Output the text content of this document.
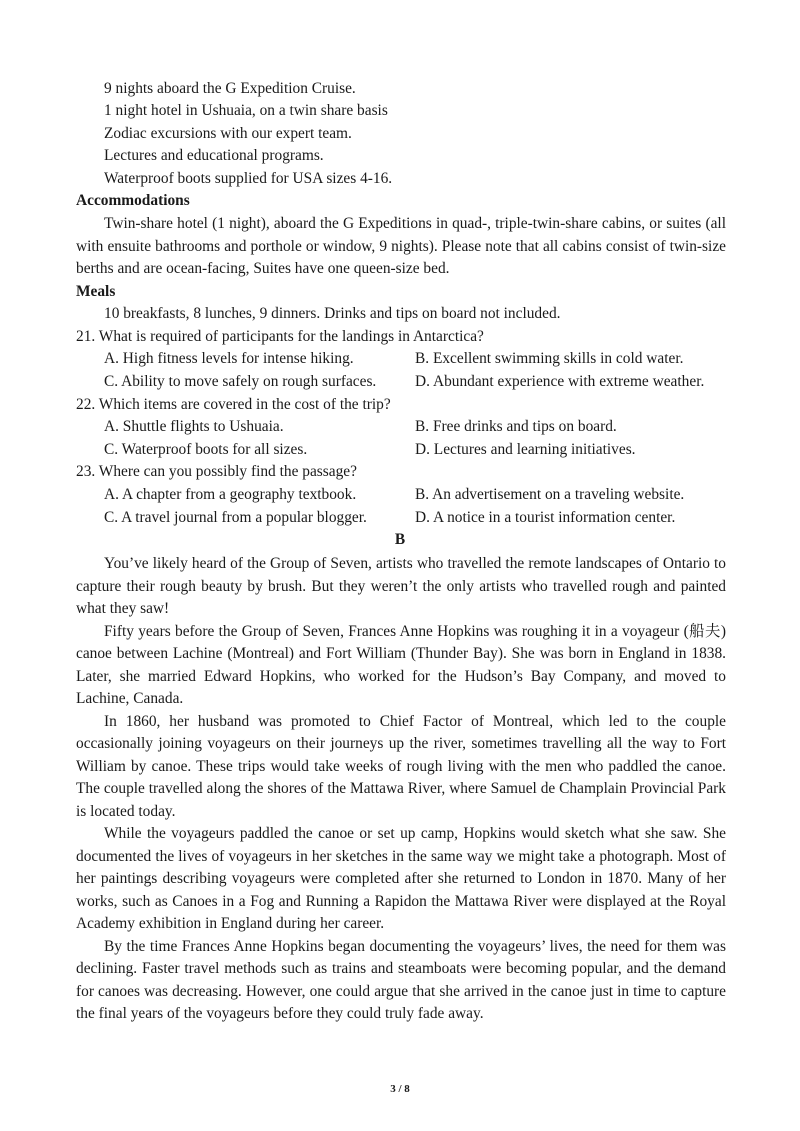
9 nights aboard the G Expedition Cruise.
1 night hotel in Ushuaia, on a twin share basis
Zodiac excursions with our expert team.
Lectures and educational programs.
Waterproof boots supplied for USA sizes 4-16.
Accommodations

Twin-share hotel (1 night), aboard the G Expeditions in quad-, triple-twin-share cabins, or suites (all with ensuite bathrooms and porthole or window, 9 nights). Please note that all cabins consist of twin-size berths and are ocean-facing, Suites have one queen-size bed.

Meals
10 breakfasts, 8 lunches, 9 dinners. Drinks and tips on board not included.
21. What is required of participants for the landings in Antarctica?
A. High fitness levels for intense hiking.	B. Excellent swimming skills in cold water.
C. Ability to move safely on rough surfaces.	D. Abundant experience with extreme weather.
22. Which items are covered in the cost of the trip?
A. Shuttle flights to Ushuaia.	B. Free drinks and tips on board.
C. Waterproof boots for all sizes.	D. Lectures and learning initiatives.
23. Where can you possibly find the passage?
A. A chapter from a geography textbook.	B. An advertisement on a traveling website.
C. A travel journal from a popular blogger.	D. A notice in a tourist information center.
B

You’ve likely heard of the Group of Seven, artists who travelled the remote landscapes of Ontario to capture their rough beauty by brush. But they weren’t the only artists who travelled rough and painted what they saw!

Fifty years before the Group of Seven, Frances Anne Hopkins was roughing it in a voyageur (船夫) canoe between Lachine (Montreal) and Fort William (Thunder Bay). She was born in England in 1838. Later, she married Edward Hopkins, who worked for the Hudson’s Bay Company, and moved to Lachine, Canada.

In 1860, her husband was promoted to Chief Factor of Montreal, which led to the couple occasionally joining voyageurs on their journeys up the river, sometimes travelling all the way to Fort William by canoe. These trips would take weeks of rough living with the men who paddled the canoe. The couple travelled along the shores of the Mattawa River, where Samuel de Champlain Provincial Park is located today.

While the voyageurs paddled the canoe or set up camp, Hopkins would sketch what she saw. She documented the lives of voyageurs in her sketches in the same way we might take a photograph. Most of her paintings describing voyageurs were completed after she returned to London in 1870. Many of her works, such as Canoes in a Fog and Running a Rapidon the Mattawa River were displayed at the Royal Academy exhibition in England during her career.

By the time Frances Anne Hopkins began documenting the voyageurs’ lives, the need for them was declining. Faster travel methods such as trains and steamboats were becoming popular, and the demand for canoes was decreasing. However, one could argue that she arrived in the canoe just in time to capture the final years of the voyageurs before they could truly fade away.

3 / 8
